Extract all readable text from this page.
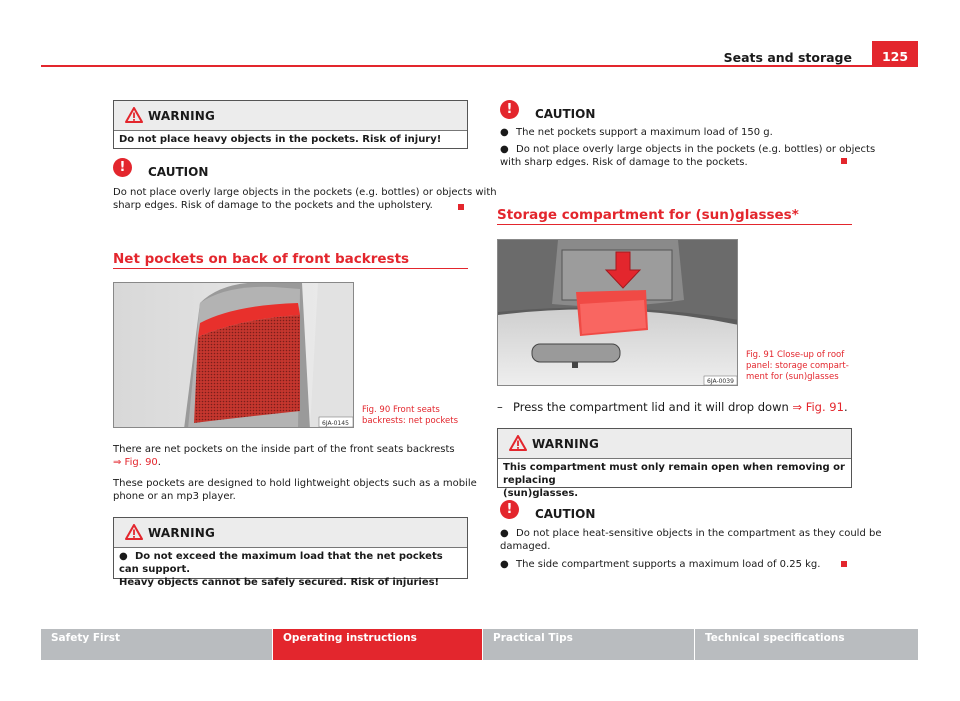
Seats and storage	125
WARNING
Do not place heavy objects in the pockets. Risk of injury!
!	CAUTION
Do not place overly large objects in the pockets (e.g. bottles) or objects with
sharp edges. Risk of damage to the pockets and the upholstery.
Net pockets on back of front backrests
6JA-0145
Fig. 90 Front seats
backrests: net pockets
There are net pockets on the inside part of the front seats backrests
⇒ Fig. 90.
These pockets are designed to hold lightweight objects such as a mobile
phone or an mp3 player.
WARNING
● Do not exceed the maximum load that the net pockets can support.
Heavy objects cannot be safely secured. Risk of injuries!
!	CAUTION
● The net pockets support a maximum load of 150 g.
● Do not place overly large objects in the pockets (e.g. bottles) or objects
with sharp edges. Risk of damage to the pockets.
Storage compartment for (sun)glasses*
6JA-0039
Fig. 91 Close-up of roof
panel: storage compart-
ment for (sun)glasses
– Press the compartment lid and it will drop down ⇒ Fig. 91.
WARNING
This compartment must only remain open when removing or replacing
(sun)glasses.
!	CAUTION
● Do not place heat-sensitive objects in the compartment as they could be
damaged.
● The side compartment supports a maximum load of 0.25 kg.
Safety First	Operating instructions	Practical Tips	Technical specifications
